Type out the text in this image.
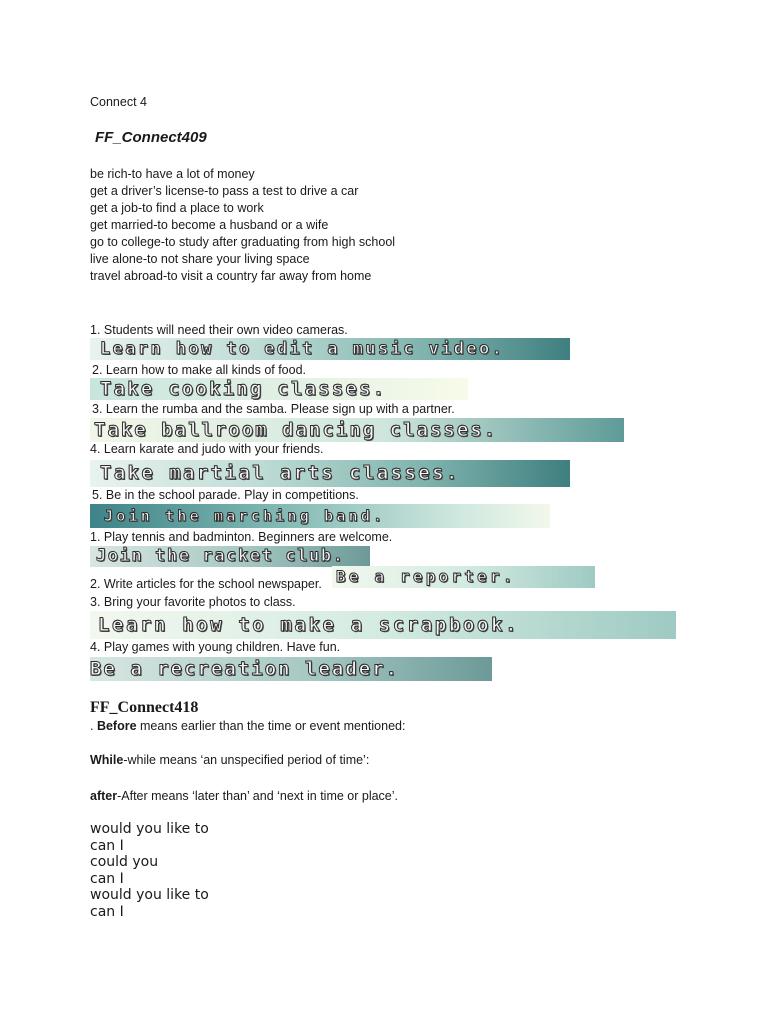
Connect 4
FF_Connect409
be rich-to have a lot of money
get a driver’s license-to pass a test to drive a car
get a job-to find a place to work
get married-to become a husband or a wife
go to college-to study after graduating from high school
live alone-to not share your living space
travel abroad-to visit a country far away from home
1. Students will need their own video cameras.
Learn how to edit a music video.
2. Learn how to make all kinds of food.
Take cooking classes.
3. Learn the rumba and the samba. Please sign up with a partner.
Take ballroom dancing classes.
4. Learn karate and judo with your friends.
Take martial arts classes.
5. Be in the school parade. Play in competitions.
Join the marching band.
1. Play tennis and badminton. Beginners are welcome.
Join the racket club.
2. Write articles for the school newspaper. Be a reporter.
3. Bring your favorite photos to class.
Learn how to make a scrapbook.
4. Play games with young children. Have fun.
Be a recreation leader.
FF_Connect418
. Before means earlier than the time or event mentioned:
While-while means ‘an unspecified period of time’:
after-After means ‘later than’ and ‘next in time or place’.
would you like to
can I
could you
can I
would you like to
can I
